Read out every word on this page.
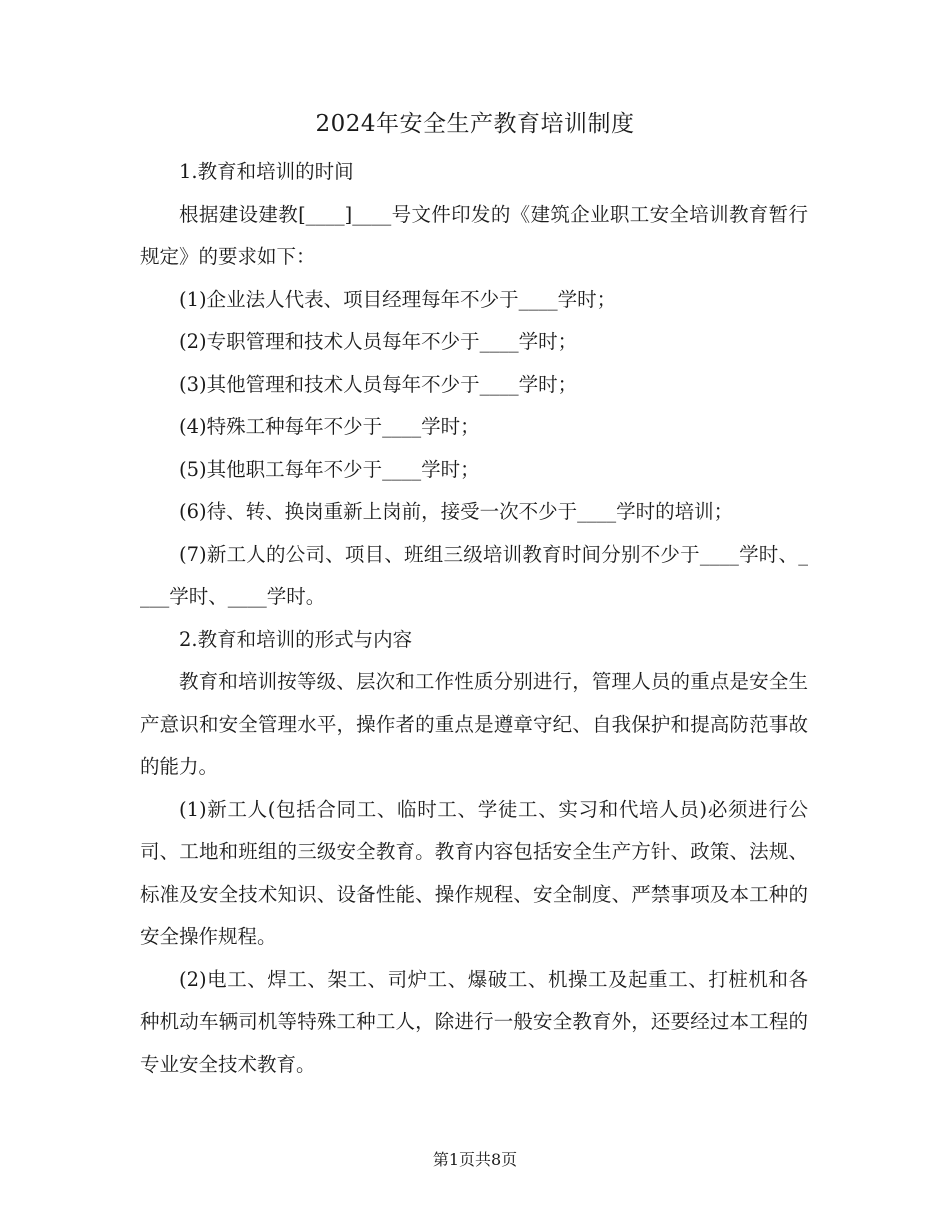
2024年安全生产教育培训制度

1.教育和培训的时间

根据建设建教[____]____号文件印发的《建筑企业职工安全培训教育暂行规定》的要求如下：

(1)企业法人代表、项目经理每年不少于____学时；

(2)专职管理和技术人员每年不少于____学时；

(3)其他管理和技术人员每年不少于____学时；

(4)特殊工种每年不少于____学时；

(5)其他职工每年不少于____学时；

(6)待、转、换岗重新上岗前，接受一次不少于____学时的培训；

(7)新工人的公司、项目、班组三级培训教育时间分别不少于____学时、____学时、____学时。

2.教育和培训的形式与内容

教育和培训按等级、层次和工作性质分别进行，管理人员的重点是安全生产意识和安全管理水平，操作者的重点是遵章守纪、自我保护和提高防范事故的能力。

(1)新工人(包括合同工、临时工、学徒工、实习和代培人员)必须进行公司、工地和班组的三级安全教育。教育内容包括安全生产方针、政策、法规、标准及安全技术知识、设备性能、操作规程、安全制度、严禁事项及本工种的安全操作规程。

(2)电工、焊工、架工、司炉工、爆破工、机操工及起重工、打桩机和各种机动车辆司机等特殊工种工人，除进行一般安全教育外，还要经过本工程的专业安全技术教育。

第1页共8页
